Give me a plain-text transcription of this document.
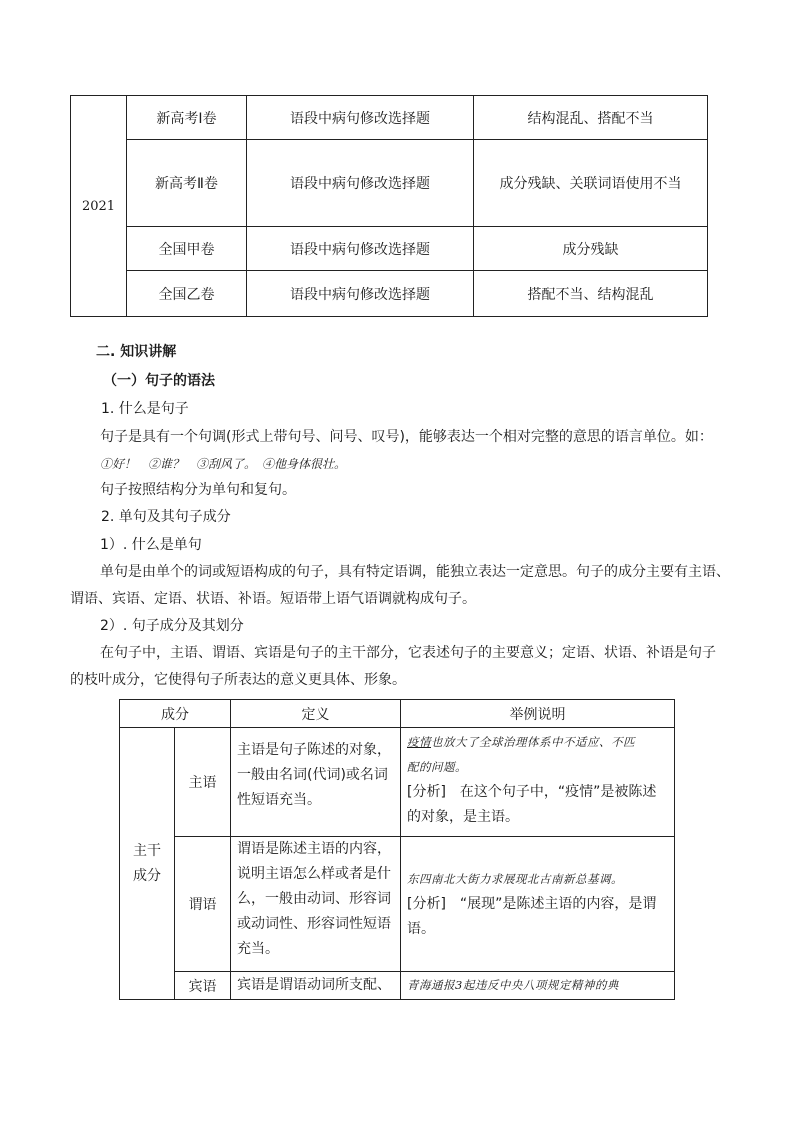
2021	新高考Ⅰ卷	语段中病句修改选择题	结构混乱、搭配不当
	新高考Ⅱ卷	语段中病句修改选择题	成分残缺、关联词语使用不当
	全国甲卷	语段中病句修改选择题	成分残缺
	全国乙卷	语段中病句修改选择题	搭配不当、结构混乱
二. 知识讲解
（一）句子的语法
1. 什么是句子
句子是具有一个句调(形式上带句号、问号、叹号)，能够表达一个相对完整的意思的语言单位。如：
①好！　②谁？　③刮风了。　④他身体很壮。
句子按照结构分为单句和复句。
2. 单句及其句子成分
1）. 什么是单句
单句是由单个的词或短语构成的句子，具有特定语调，能独立表达一定意思。句子的成分主要有主语、
谓语、宾语、定语、状语、补语。短语带上语气语调就构成句子。
2）. 句子成分及其划分
在句子中，主语、谓语、宾语是句子的主干部分，它表述句子的主要意义；定语、状语、补语是句子
的枝叶成分，它使得句子所表达的意义更具体、形象。
成分		定义	举例说明

主干
成分	主语	主语是句子陈述的对象，
一般由名词(代词)或名词
性短语充当。	疫情也放大了全球治理体系中不适应、不匹
配的问题。
[分析]　在这个句子中，“疫情”是被陈述
的对象，是主语。

	谓语	谓语是陈述主语的内容，
说明主语怎么样或者是什
么，一般由动词、形容词
或动词性、形容词性短语
充当。	东四南北大街力求展现北古南新总基调。
[分析]　“展现”是陈述主语的内容，是谓
语。

	宾语	宾语是谓语动词所支配、	青海通报3起违反中央八项规定精神的典
